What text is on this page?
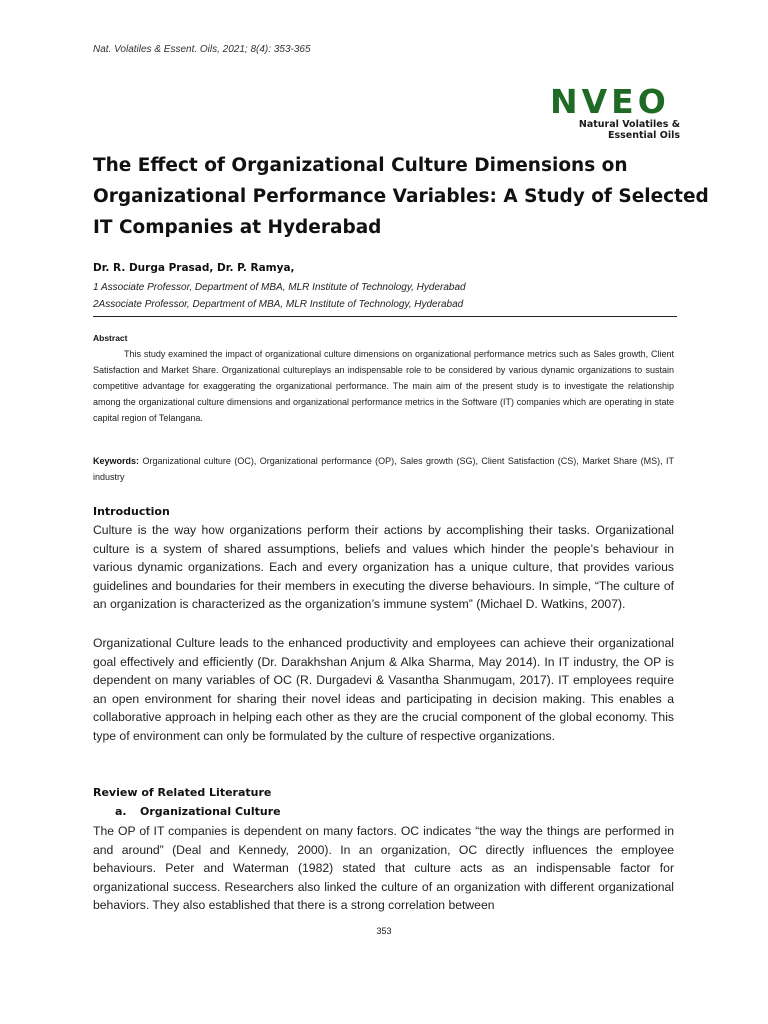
Nat. Volatiles & Essent. Oils, 2021; 8(4): 353-365
NVEO
Natural Volatiles &
Essential Oils
The Effect of Organizational Culture Dimensions on
Organizational Performance Variables: A Study of Selected
IT Companies at Hyderabad
Dr. R. Durga Prasad, Dr. P. Ramya,
1 Associate Professor, Department of MBA, MLR Institute of Technology, Hyderabad
2Associate Professor, Department of MBA, MLR Institute of Technology, Hyderabad
Abstract

This study examined the impact of organizational culture dimensions on organizational performance metrics such as Sales growth, Client Satisfaction and Market Share. Organizational cultureplays an indispensable role to be considered by various dynamic organizations to sustain competitive advantage for exaggerating the organizational performance. The main aim of the present study is to investigate the relationship among the organizational culture dimensions and organizational performance metrics in the Software (IT) companies which are operating in state capital region of Telangana.

Keywords: Organizational culture (OC), Organizational performance (OP), Sales growth (SG), Client Satisfaction (CS), Market Share (MS), IT industry

Introduction

Culture is the way how organizations perform their actions by accomplishing their tasks. Organizational culture is a system of shared assumptions, beliefs and values which hinder the people’s behaviour in various dynamic organizations. Each and every organization has a unique culture, that provides various guidelines and boundaries for their members in executing the diverse behaviours. In simple, “The culture of an organization is characterized as the organization’s immune system” (Michael D. Watkins, 2007).

Organizational Culture leads to the enhanced productivity and employees can achieve their organizational goal effectively and efficiently (Dr. Darakhshan Anjum & Alka Sharma, May 2014). In IT industry, the OP is dependent on many variables of OC (R. Durgadevi & Vasantha Shanmugam, 2017). IT employees require an open environment for sharing their novel ideas and participating in decision making. This enables a collaborative approach in helping each other as they are the crucial component of the global economy. This type of environment can only be formulated by the culture of respective organizations.

Review of Related Literature
a. Organizational Culture

The OP of IT companies is dependent on many factors. OC indicates “the way the things are performed in and around” (Deal and Kennedy, 2000). In an organization, OC directly influences the employee behaviours. Peter and Waterman (1982) stated that culture acts as an indispensable factor for organizational success. Researchers also linked the culture of an organization with different organizational behaviors. They also established that there is a strong correlation between

353
